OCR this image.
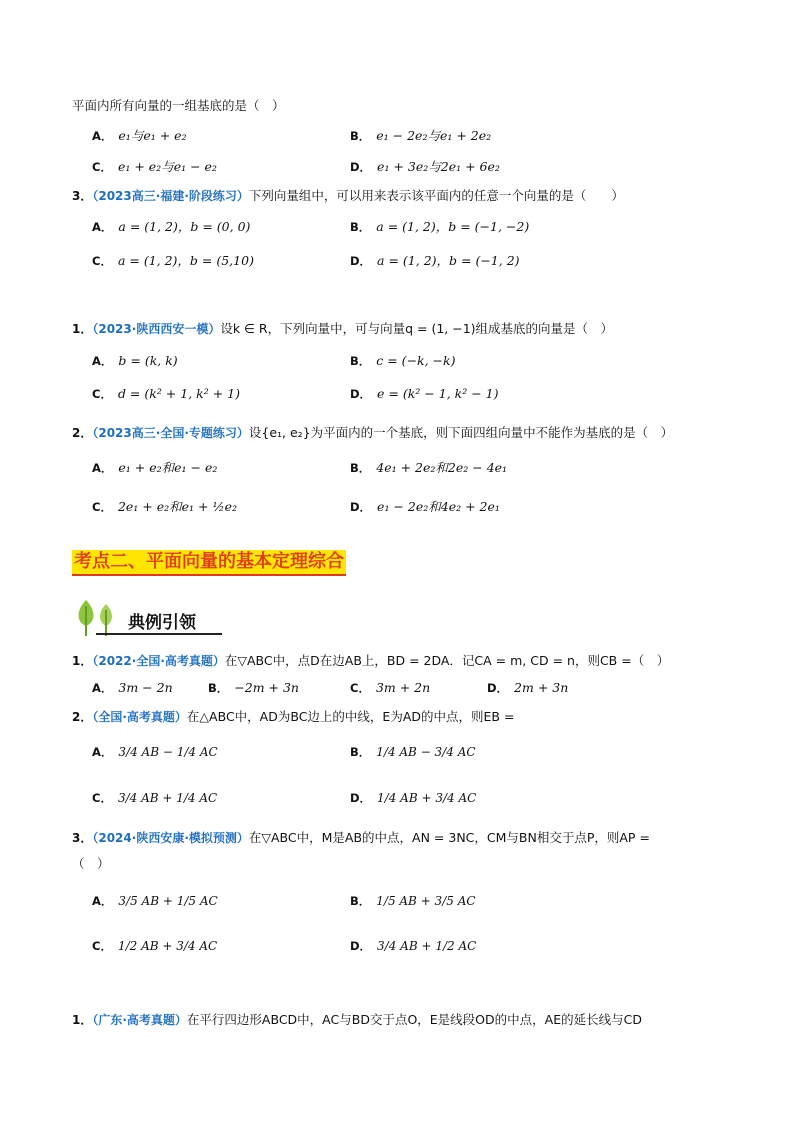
平面内所有向量的一组基底的是（　）
A． e₁与e₁ + e₂	B． e₁ − 2e₂与e₁ + 2e₂
C． e₁ + e₂与e₁ − e₂	D． e₁ + 3e₂与2e₁ + 6e₂
3．（2023高三·福建·阶段练习）下列向量组中，可以用来表示该平面内的任意一个向量的是（　　）
A． a = (1, 2)，b = (0, 0)	B． a = (1, 2)，b = (−1, −2)
C． a = (1, 2)，b = (5,10)	D． a = (1, 2)，b = (−1, 2)
1．（2023·陕西西安一模）设k ∈ R，下列向量中，可与向量q = (1, −1)组成基底的向量是（　）
A． b = (k, k)	B． c = (−k, −k)
C． d = (k² + 1, k² + 1)	D． e = (k² − 1, k² − 1)
2．（2023高三·全国·专题练习）设{e₁, e₂}为平面内的一个基底，则下面四组向量中不能作为基底的是（　）
A． e₁ + e₂和e₁ − e₂	B． 4e₁ + 2e₂和2e₂ − 4e₁
C． 2e₁ + e₂和e₁ + ½e₂	D． e₁ − 2e₂和4e₂ + 2e₁
考点二、平面向量的基本定理综合
典例引领
1．（2022·全国·高考真题）在▽ABC中，点D在边AB上，BD = 2DA．记CA = m, CD = n，则CB =（　）
A． 3m − 2n	B． −2m + 3n	C． 3m + 2n	D． 2m + 3n
2．（全国·高考真题）在△ABC中，AD为BC边上的中线，E为AD的中点，则EB =
A． 3/4 AB − 1/4 AC	B． 1/4 AB − 3/4 AC
C． 3/4 AB + 1/4 AC	D． 1/4 AB + 3/4 AC
3．（2024·陕西安康·模拟预测）在▽ABC中，M是AB的中点，AN = 3NC，CM与BN相交于点P，则AP =
（　）
A． 3/5 AB + 1/5 AC	B． 1/5 AB + 3/5 AC
C． 1/2 AB + 3/4 AC	D． 3/4 AB + 1/2 AC
1．（广东·高考真题）在平行四边形ABCD中，AC与BD交于点O，E是线段OD的中点，AE的延长线与CD
